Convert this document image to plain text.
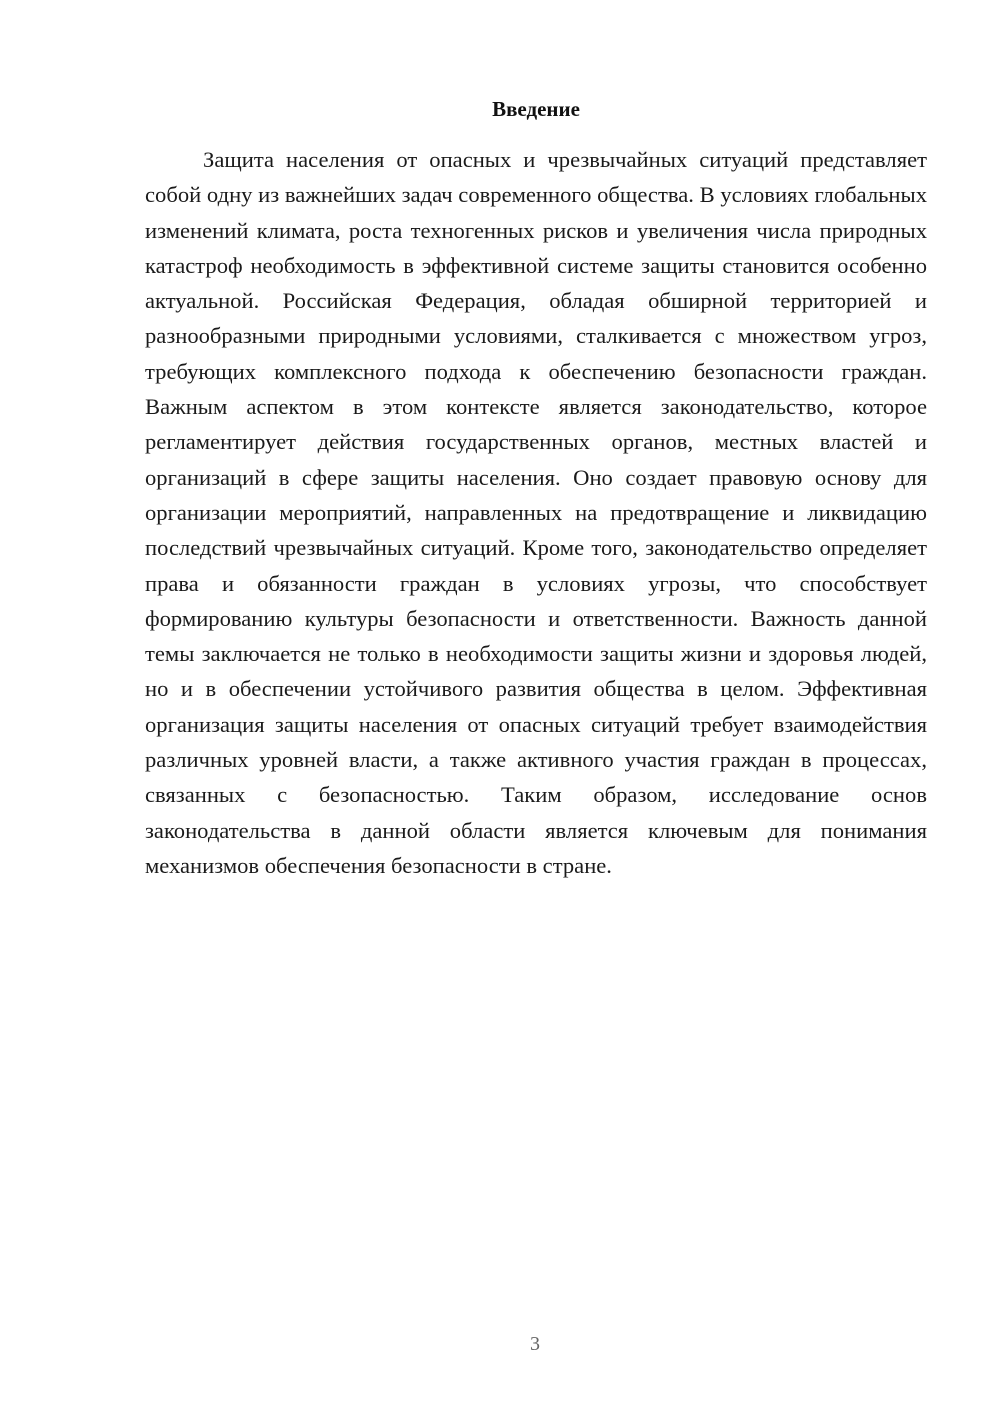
Введение

Защита населения от опасных и чрезвычайных ситуаций представляет собой одну из важнейших задач современного общества. В условиях глобальных изменений климата, роста техногенных рисков и увеличения числа природных катастроф необходимость в эффективной системе защиты становится особенно актуальной. Российская Федерация, обладая обширной территорией и разнообразными природными условиями, сталкивается с множеством угроз, требующих комплексного подхода к обеспечению безопасности граждан. Важным аспектом в этом контексте является законодательство, которое регламентирует действия государственных органов, местных властей и организаций в сфере защиты населения. Оно создает правовую основу для организации мероприятий, направленных на предотвращение и ликвидацию последствий чрезвычайных ситуаций. Кроме того, законодательство определяет права и обязанности граждан в условиях угрозы, что способствует формированию культуры безопасности и ответственности. Важность данной темы заключается не только в необходимости защиты жизни и здоровья людей, но и в обеспечении устойчивого развития общества в целом. Эффективная организация защиты населения от опасных ситуаций требует взаимодействия различных уровней власти, а также активного участия граждан в процессах, связанных с безопасностью. Таким образом, исследование основ законодательства в данной области является ключевым для понимания механизмов обеспечения безопасности в стране.

3
